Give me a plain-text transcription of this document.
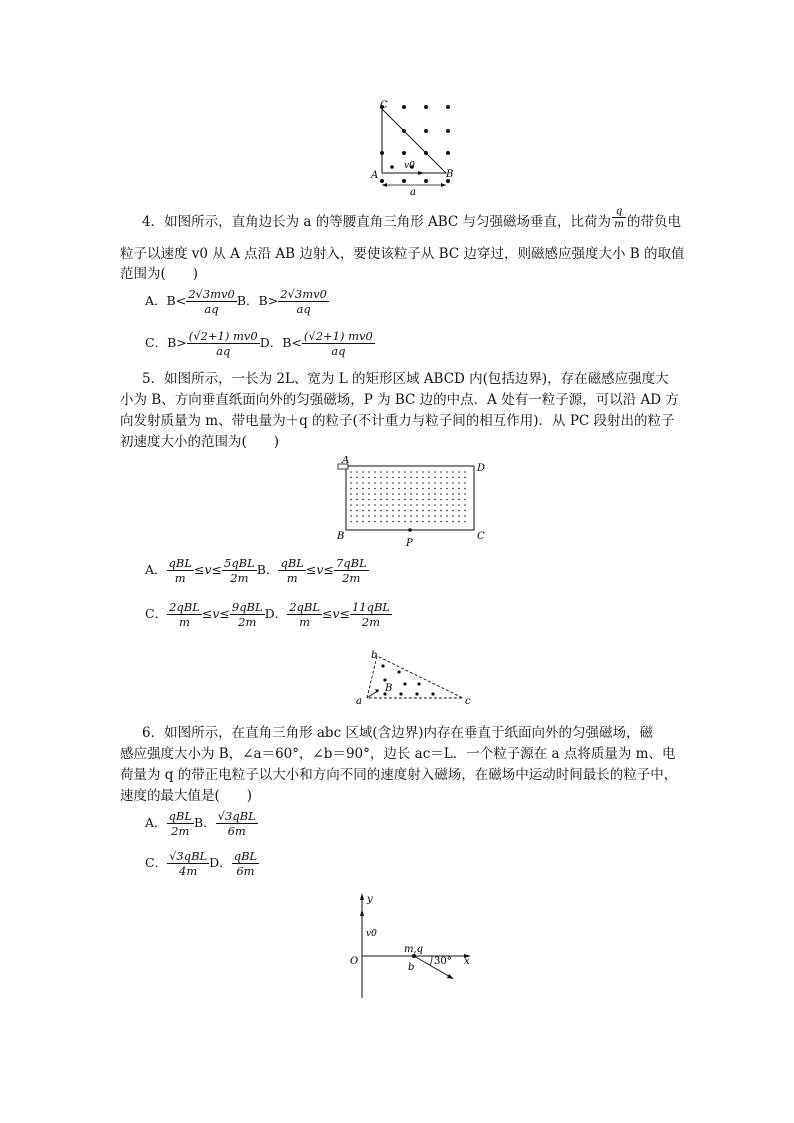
C
A	B
v0
a
4．如图所示，直角边长为 a 的等腰直角三角形 ABC 与匀强磁场垂直，比荷为 $\frac{q}{m}$ 的带负电
粒子以速度 v0 从 A 点沿 AB 边射入，要使该粒子从 BC 边穿过，则磁感应强度大小 B 的取值
范围为(　　)
A．$B< \frac{2√3mv0}{aq}$ B．$B> \frac{2√3mv0}{aq}$
C．$B> \frac{(√2+1) mv0}{aq}$ D．$B< \frac{(√2+1) mv0}{aq}$
5．如图所示，一长为 2L、宽为 L 的矩形区域 ABCD 内(包括边界)，存在磁感应强度大
小为 B、方向垂直纸面向外的匀强磁场，P 为 BC 边的中点．A 处有一粒子源，可以沿 AD 方
向发射质量为 m、带电量为＋q 的粒子(不计重力与粒子间的相互作用)．从 PC 段射出的粒子
初速度大小的范围为(　　)
A
D
B	C
P
A． $\frac{\text{qBL}}{m} \le v\le \frac{\text{5qBL}}{2m}$ B． $\frac{\text{qBL}}{m} \le v\le \frac{\text{7qBL}}{2m}$
C． $\frac{\text{2qBL}}{m} \le v\le \frac{\text{9qBL}}{2m}$ D． $\frac{\text{2qBL}}{m} \le v\le \frac{\text{11qBL}}{2m}$
b
a	c
B
6．如图所示，在直角三角形 abc 区域(含边界)内存在垂直于纸面向外的匀强磁场，磁
感应强度大小为 B，∠a＝60°，∠b＝90°，边长 ac＝L．一个粒子源在 a 点将质量为 m、电
荷量为 q 的带正电粒子以大小和方向不同的速度射入磁场，在磁场中运动时间最长的粒子中，
速度的最大值是(　　)
A． $\frac{\text{qBL}}{2m}$ B． $\frac{\text{√3qBL}}{6m}$
C． $\frac{\text{√3qBL}}{4m}$ D． $\frac{\text{qBL}}{6m}$
y
v0
O
m,q
b
x
30°
